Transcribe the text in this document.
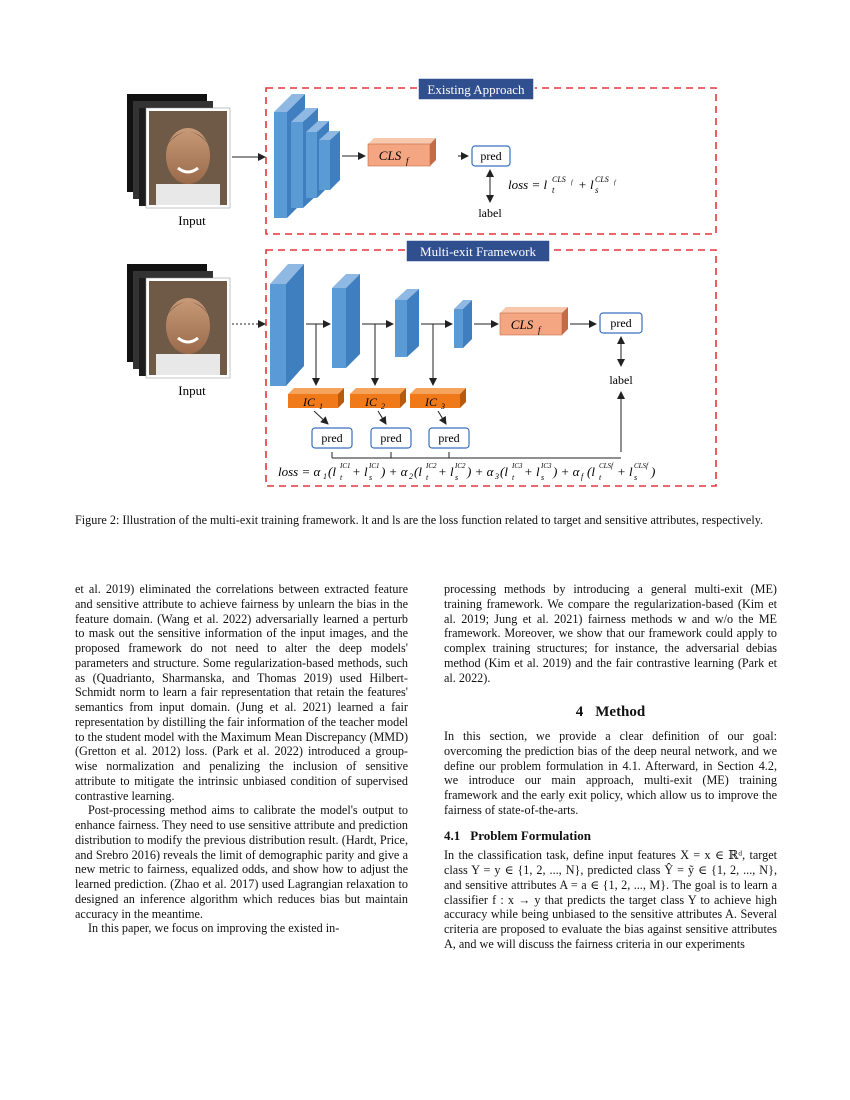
Existing Approach
Input
CLS f	pred
label
loss = l t
CLS f + l s
CLS f
Multi-exit Framework
Input
CLS f	pred
label
IC 1	IC 2	IC 3
pred	pred	pred
loss = α 1 (l t
IC1 + l s
IC1 ) + α 2 (l t
IC2 + l s
IC2 ) + α 3 (l t
IC3 + l s
IC3 ) + α f (l t
CLSf + l s
CLSf )

Figure 2: Illustration of the multi-exit training framework. lt and ls are the loss function related to target and sensitive attributes, respectively.

et al. 2019) eliminated the correlations between extracted feature and sensitive attribute to achieve fairness by unlearn the bias in the feature domain. (Wang et al. 2022) adversarially learned a perturb to mask out the sensitive information of the input images, and the proposed framework do not need to alter the deep models' parameters and structure. Some regularization-based methods, such as (Quadrianto, Sharmanska, and Thomas 2019) used Hilbert-Schmidt norm to learn a fair representation that retain the features' semantics from input domain. (Jung et al. 2021) learned a fair representation by distilling the fair information of the teacher model to the student model with the Maximum Mean Discrepancy (MMD) (Gretton et al. 2012) loss. (Park et al. 2022) introduced a group-wise normalization and penalizing the inclusion of sensitive attribute to mitigate the intrinsic unbiased condition of supervised contrastive learning.

Post-processing method aims to calibrate the model's output to enhance fairness. They need to use sensitive attribute and prediction distribution to modify the previous distribution result. (Hardt, Price, and Srebro 2016) reveals the limit of demographic parity and give a new metric to fairness, equalized odds, and show how to adjust the learned prediction. (Zhao et al. 2017) used Lagrangian relaxation to designed an inference algorithm which reduces bias but maintain accuracy in the meantime.

In this paper, we focus on improving the existed in-

processing methods by introducing a general multi-exit (ME) training framework. We compare the regularization-based (Kim et al. 2019; Jung et al. 2021) fairness methods w and w/o the ME framework. Moreover, we show that our framework could apply to complex training structures; for instance, the adversarial debias method (Kim et al. 2019) and the fair contrastive learning (Park et al. 2022).

4 Method

In this section, we provide a clear definition of our goal: overcoming the prediction bias of the deep neural network, and we define our problem formulation in 4.1. Afterward, in Section 4.2, we introduce our main approach, multi-exit (ME) training framework and the early exit policy, which allow us to improve the fairness of state-of-the-arts.

4.1 Problem Formulation

In the classification task, define input features X = x ∈ ℝᵈ, target class Y = y ∈ {1, 2, ..., N}, predicted class Ŷ = ỹ ∈ {1, 2, ..., N}, and sensitive attributes A = a ∈ {1, 2, ..., M}. The goal is to learn a classifier f : x → y that predicts the target class Y to achieve high accuracy while being unbiased to the sensitive attributes A. Several criteria are proposed to evaluate the bias against sensitive attributes A, and we will discuss the fairness criteria in our experiments
